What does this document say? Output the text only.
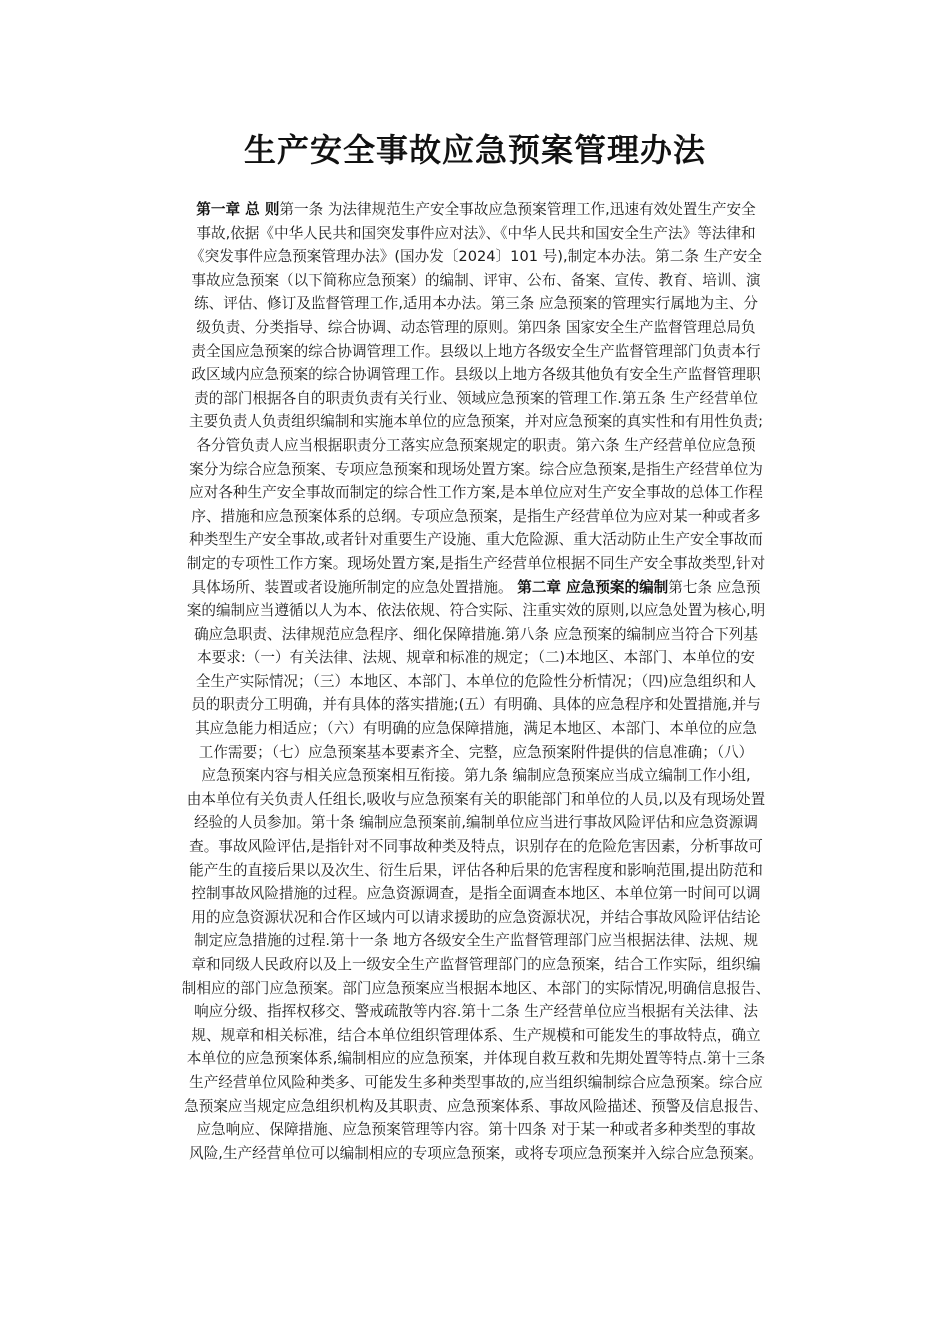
生产安全事故应急预案管理办法
第一章 总 则第一条 为法律规范生产安全事故应急预案管理工作,迅速有效处置生产安全
事故,依据《中华人民共和国突发事件应对法》、《中华人民共和国安全生产法》等法律和
《突发事件应急预案管理办法》(国办发〔2024〕101 号),制定本办法。第二条 生产安全
事故应急预案（以下简称应急预案）的编制、评审、公布、备案、宣传、教育、培训、演
练、评估、修订及监督管理工作,适用本办法。第三条 应急预案的管理实行属地为主、分
级负责、分类指导、综合协调、动态管理的原则。第四条 国家安全生产监督管理总局负
责全国应急预案的综合协调管理工作。县级以上地方各级安全生产监督管理部门负责本行
政区域内应急预案的综合协调管理工作。县级以上地方各级其他负有安全生产监督管理职
责的部门根据各自的职责负责有关行业、领域应急预案的管理工作.第五条 生产经营单位
主要负责人负责组织编制和实施本单位的应急预案，并对应急预案的真实性和有用性负责;
各分管负责人应当根据职责分工落实应急预案规定的职责。第六条 生产经营单位应急预
案分为综合应急预案、专项应急预案和现场处置方案。综合应急预案,是指生产经营单位为
应对各种生产安全事故而制定的综合性工作方案,是本单位应对生产安全事故的总体工作程
序、措施和应急预案体系的总纲。专项应急预案，是指生产经营单位为应对某一种或者多
种类型生产安全事故,或者针对重要生产设施、重大危险源、重大活动防止生产安全事故而
制定的专项性工作方案。现场处置方案,是指生产经营单位根据不同生产安全事故类型,针对
具体场所、装置或者设施所制定的应急处置措施。 第二章 应急预案的编制第七条 应急预
案的编制应当遵循以人为本、依法依规、符合实际、注重实效的原则,以应急处置为核心,明
确应急职责、法律规范应急程序、细化保障措施.第八条 应急预案的编制应当符合下列基
本要求:（一）有关法律、法规、规章和标准的规定；（二)本地区、本部门、本单位的安
全生产实际情况；（三）本地区、本部门、本单位的危险性分析情况；（四)应急组织和人
员的职责分工明确，并有具体的落实措施;(五）有明确、具体的应急程序和处置措施,并与
其应急能力相适应；（六）有明确的应急保障措施，满足本地区、本部门、本单位的应急
工作需要；（七）应急预案基本要素齐全、完整，应急预案附件提供的信息准确；（八）
应急预案内容与相关应急预案相互衔接。第九条 编制应急预案应当成立编制工作小组,
由本单位有关负责人任组长,吸收与应急预案有关的职能部门和单位的人员,以及有现场处置
经验的人员参加。第十条 编制应急预案前,编制单位应当进行事故风险评估和应急资源调
查。事故风险评估,是指针对不同事故种类及特点，识别存在的危险危害因素，分析事故可
能产生的直接后果以及次生、衍生后果，评估各种后果的危害程度和影响范围,提出防范和
控制事故风险措施的过程。应急资源调查，是指全面调查本地区、本单位第一时间可以调
用的应急资源状况和合作区域内可以请求援助的应急资源状况，并结合事故风险评估结论
制定应急措施的过程.第十一条 地方各级安全生产监督管理部门应当根据法律、法规、规
章和同级人民政府以及上一级安全生产监督管理部门的应急预案，结合工作实际，组织编
制相应的部门应急预案。部门应急预案应当根据本地区、本部门的实际情况,明确信息报告、
响应分级、指挥权移交、警戒疏散等内容.第十二条 生产经营单位应当根据有关法律、法
规、规章和相关标准，结合本单位组织管理体系、生产规模和可能发生的事故特点，确立
本单位的应急预案体系,编制相应的应急预案，并体现自救互救和先期处置等特点.第十三条
生产经营单位风险种类多、可能发生多种类型事故的,应当组织编制综合应急预案。综合应
急预案应当规定应急组织机构及其职责、应急预案体系、事故风险描述、预警及信息报告、
应急响应、保障措施、应急预案管理等内容。第十四条 对于某一种或者多种类型的事故
风险,生产经营单位可以编制相应的专项应急预案，或将专项应急预案并入综合应急预案。
